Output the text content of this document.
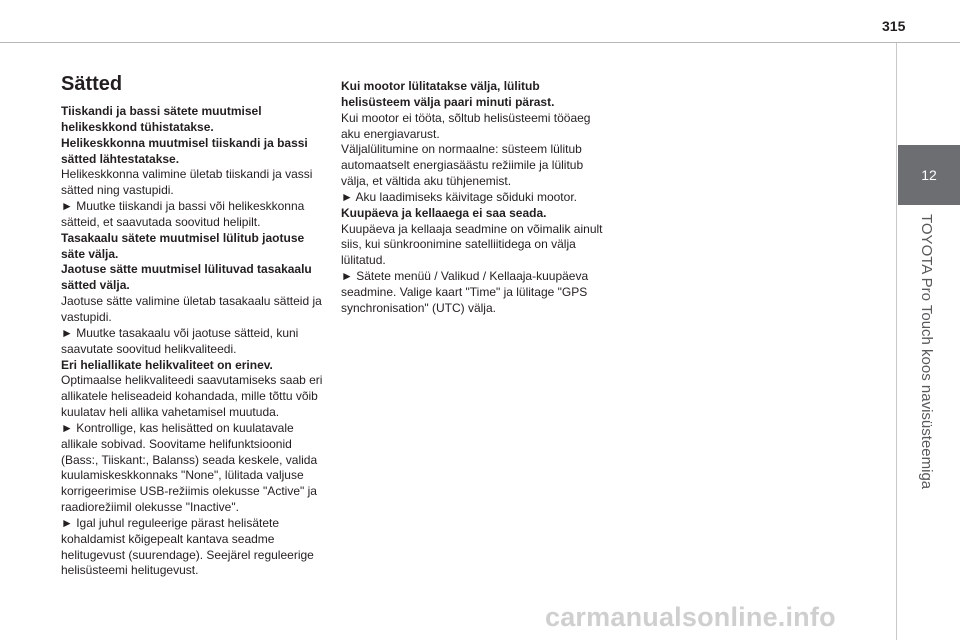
315
12
TOYOTA Pro Touch koos navisüsteemiga
Sätted

Tiiskandi ja bassi sätete muutmisel helikeskkond tühistatakse.

Helikeskkonna muutmisel tiiskandi ja bassi sätted lähtestatakse.

Helikeskkonna valimine ületab tiiskandi ja vassi sätted ning vastupidi.

► Muutke tiiskandi ja bassi või helikeskkonna sätteid, et saavutada soovitud helipilt.

Tasakaalu sätete muutmisel lülitub jaotuse säte välja.

Jaotuse sätte muutmisel lülituvad tasakaalu sätted välja.

Jaotuse sätte valimine ületab tasakaalu sätteid ja vastupidi.

► Muutke tasakaalu või jaotuse sätteid, kuni saavutate soovitud helikvaliteedi.

Eri heliallikate helikvaliteet on erinev.

Optimaalse helikvaliteedi saavutamiseks saab eri allikatele heliseadeid kohandada, mille tõttu võib kuulatav heli allika vahetamisel muutuda.

► Kontrollige, kas helisätted on kuulatavale allikale sobivad. Soovitame helifunktsioonid (Bass:, Tiiskant:, Balanss) seada keskele, valida kuulamiskeskkonnaks "None", lülitada valjuse korrigeerimise USB-režiimis olekusse "Active" ja raadiorežiimil olekusse "Inactive".

► Igal juhul reguleerige pärast helisätete kohaldamist kõigepealt kantava seadme helitugevust (suurendage). Seejärel reguleerige helisüsteemi helitugevust.

Kui mootor lülitatakse välja, lülitub helisüsteem välja paari minuti pärast.

Kui mootor ei tööta, sõltub helisüsteemi tööaeg aku energiavarust.

Väljalülitumine on normaalne: süsteem lülitub automaatselt energiasäästu režiimile ja lülitub välja, et vältida aku tühjenemist.

► Aku laadimiseks käivitage sõiduki mootor.

Kuupäeva ja kellaaega ei saa seada.

Kuupäeva ja kellaaja seadmine on võimalik ainult siis, kui sünkroonimine satelliitidega on välja lülitatud.

► Sätete menüü / Valikud / Kellaaja-kuupäeva seadmine. Valige kaart "Time" ja lülitage "GPS synchronisation" (UTC) välja.

carmanualsonline.info
